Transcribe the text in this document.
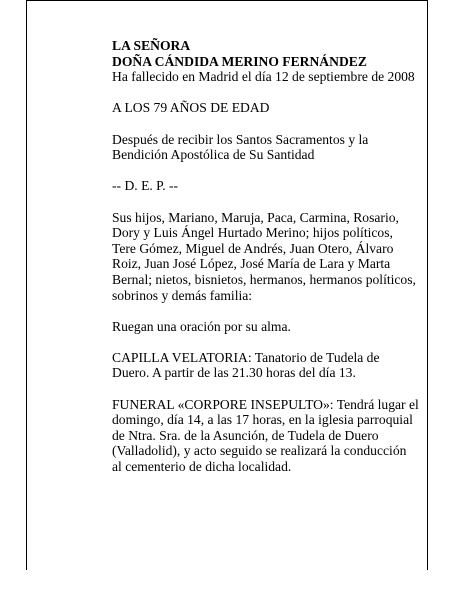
LA SEÑORA
DOÑA CÁNDIDA MERINO FERNÁNDEZ
Ha fallecido en Madrid el día 12 de septiembre de 2008

A LOS 79 AÑOS DE EDAD

Después de recibir los Santos Sacramentos y la
Bendición Apostólica de Su Santidad

-- D. E. P. --

Sus hijos, Mariano, Maruja, Paca, Carmina, Rosario,
Dory y Luis Ángel Hurtado Merino; hijos políticos,
Tere Gómez, Miguel de Andrés, Juan Otero, Álvaro
Roiz, Juan José López, José María de Lara y Marta
Bernal; nietos, bisnietos, hermanos, hermanos políticos,
sobrinos y demás familia:

Ruegan una oración por su alma.

CAPILLA VELATORIA: Tanatorio de Tudela de
Duero. A partir de las 21.30 horas del día 13.

FUNERAL «CORPORE INSEPULTO»: Tendrá lugar el
domingo, día 14, a las 17 horas, en la iglesia parroquial
de Ntra. Sra. de la Asunción, de Tudela de Duero
(Valladolid), y acto seguido se realizará la conducción
al cementerio de dicha localidad.
